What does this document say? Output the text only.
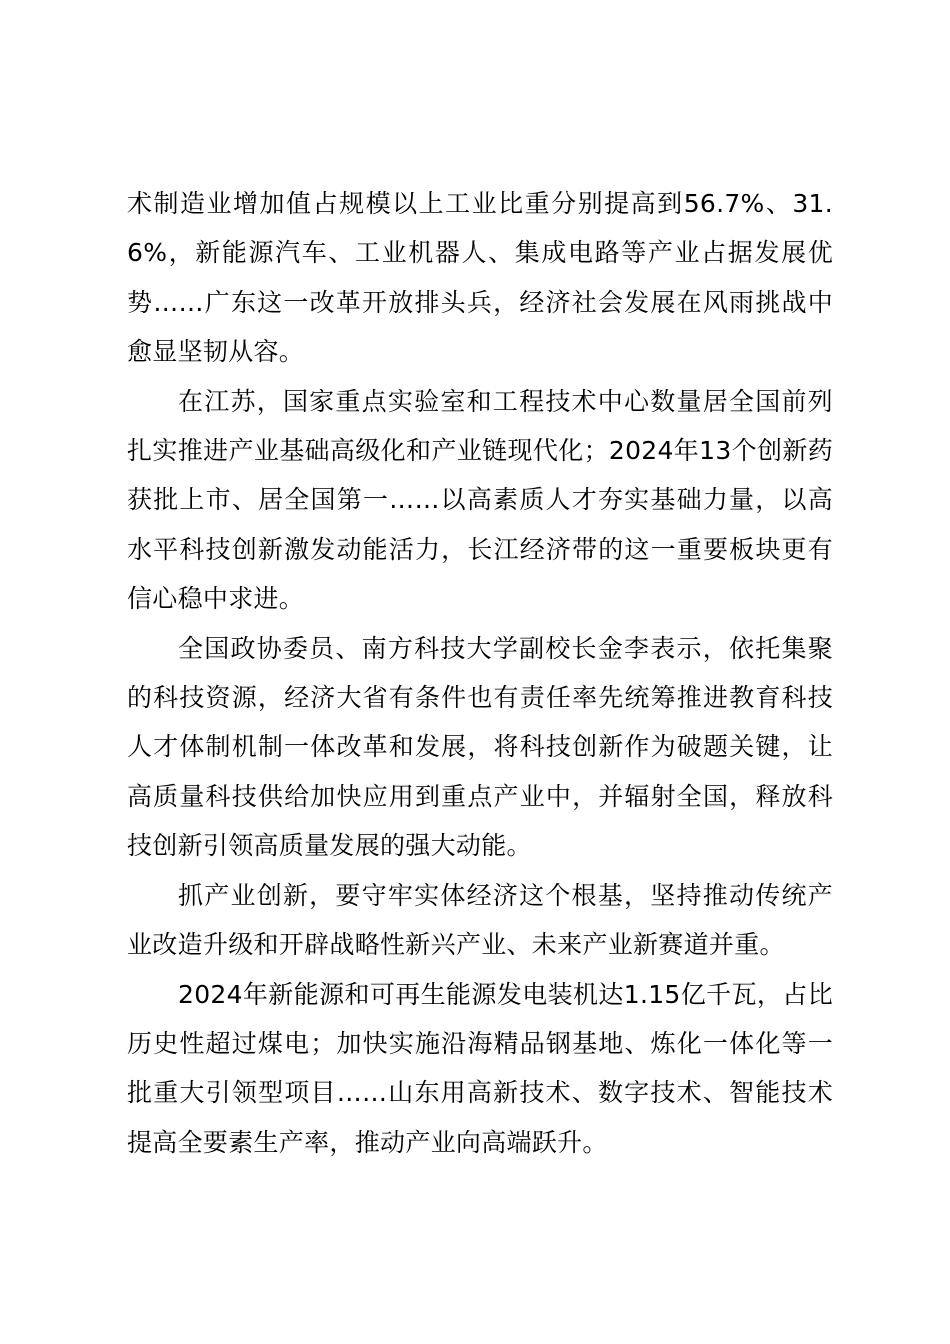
术制造业增加值占规模以上工业比重分别提高到56.7%、31.6%，新能源汽车、工业机器人、集成电路等产业占据发展优势……广东这一改革开放排头兵，经济社会发展在风雨挑战中愈显坚韧从容。

在江苏，国家重点实验室和工程技术中心数量居全国前列扎实推进产业基础高级化和产业链现代化；2024年13个创新药获批上市、居全国第一……以高素质人才夯实基础力量，以高水平科技创新激发动能活力，长江经济带的这一重要板块更有信心稳中求进。

全国政协委员、南方科技大学副校长金李表示，依托集聚的科技资源，经济大省有条件也有责任率先统筹推进教育科技人才体制机制一体改革和发展，将科技创新作为破题关键，让高质量科技供给加快应用到重点产业中，并辐射全国，释放科技创新引领高质量发展的强大动能。

抓产业创新，要守牢实体经济这个根基，坚持推动传统产业改造升级和开辟战略性新兴产业、未来产业新赛道并重。

2024年新能源和可再生能源发电装机达1.15亿千瓦，占比历史性超过煤电；加快实施沿海精品钢基地、炼化一体化等一批重大引领型项目……山东用高新技术、数字技术、智能技术提高全要素生产率，推动产业向高端跃升。
